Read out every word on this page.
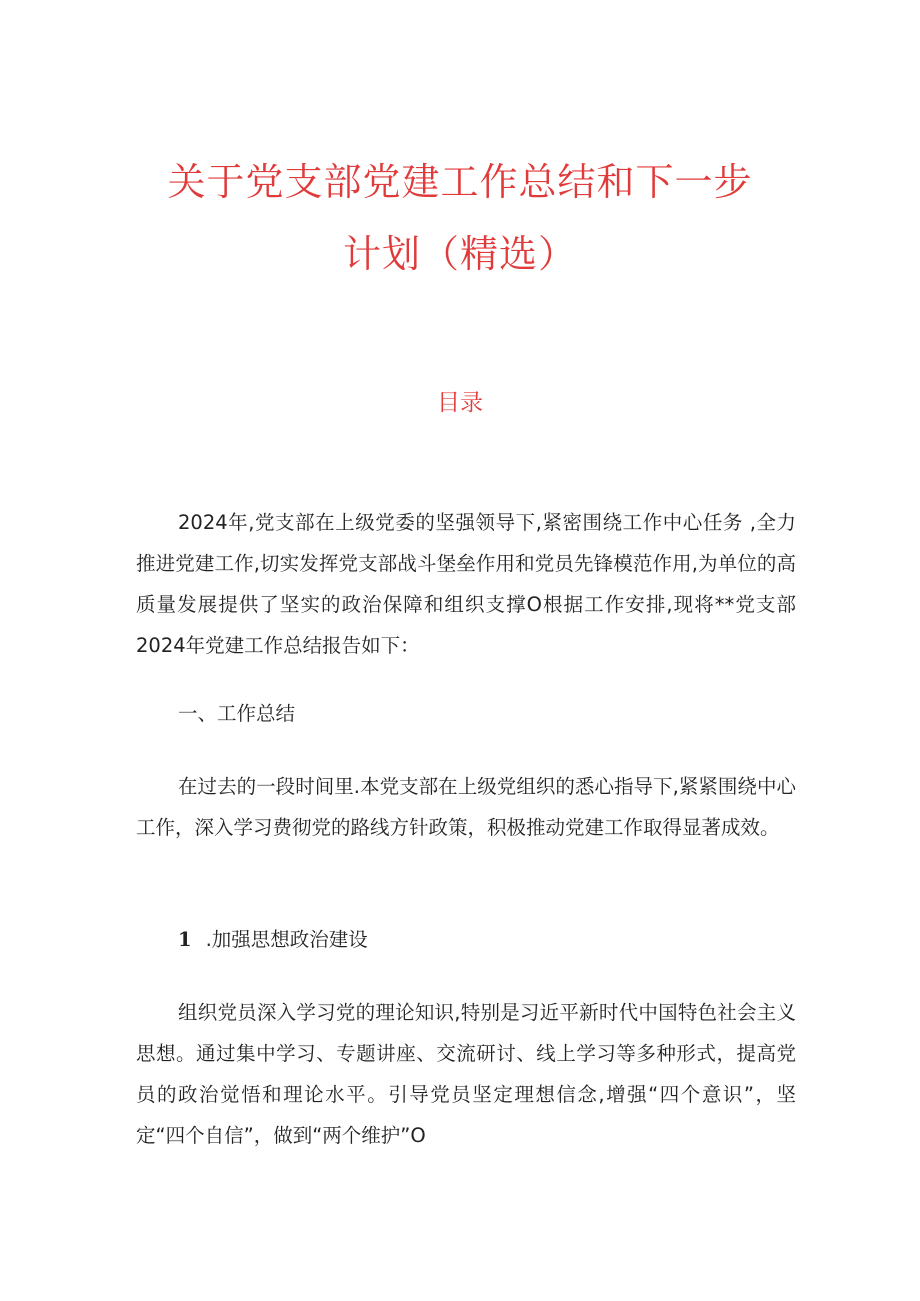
关于党支部党建工作总结和下一步
计划（精选）
目录

2024年,党支部在上级党委的坚强领导下,紧密围绕工作中心任务 ,全力推进党建工作,切实发挥党支部战斗堡垒作用和党员先锋模范作用,为单位的高质量发展提供了坚实的政治保障和组织支撑O根据工作安排,现将**党支部2024年党建工作总结报告如下：

一、工作总结

在过去的一段时间里.本党支部在上级党组织的悉心指导下,紧紧围绕中心工作，深入学习费彻党的路线方针政策，积极推动党建工作取得显著成效。

1 .加强思想政治建设

组织党员深入学习党的理论知识,特别是习近平新时代中国特色社会主义思想。通过集中学习、专题讲座、交流研讨、线上学习等多种形式，提高党员的政治觉悟和理论水平。引导党员坚定理想信念,增强“四个意识”，坚定“四个自信”，做到“两个维护”O
